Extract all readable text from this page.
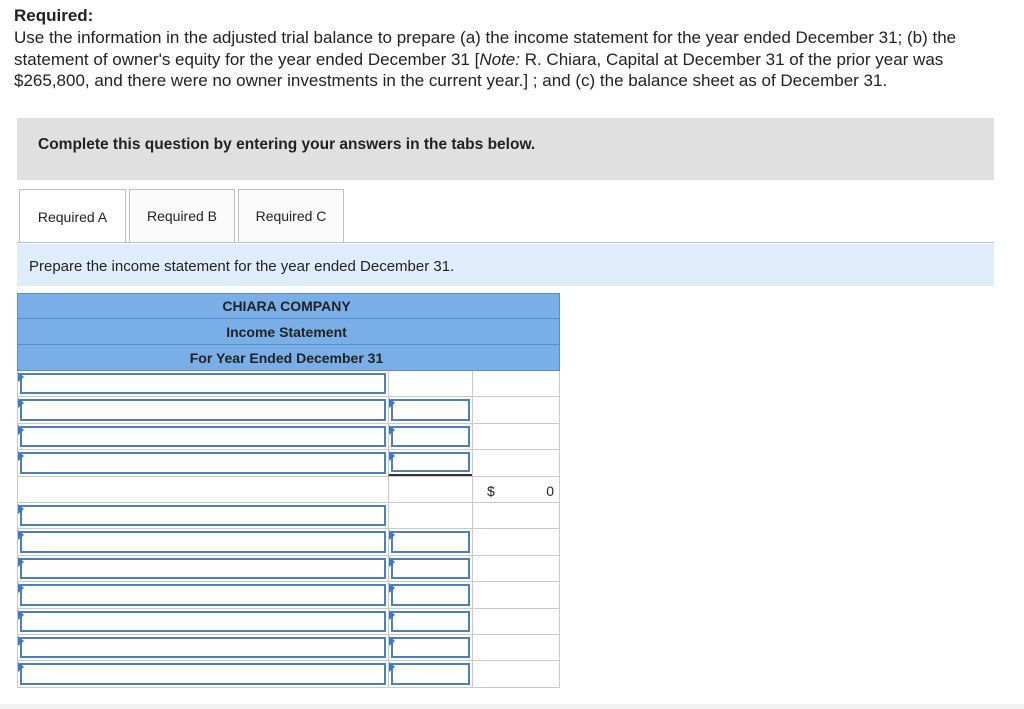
Required:
Use the information in the adjusted trial balance to prepare (a) the income statement for the year ended December 31; (b) the statement of owner's equity for the year ended December 31 [Note: R. Chiara, Capital at December 31 of the prior year was $265,800, and there were no owner investments in the current year.] ; and (c) the balance sheet as of December 31.
Complete this question by entering your answers in the tabs below.
Required A	Required B	Required C
Prepare the income statement for the year ended December 31.
CHIARA COMPANY
Income Statement
For Year Ended December 31
$	0
